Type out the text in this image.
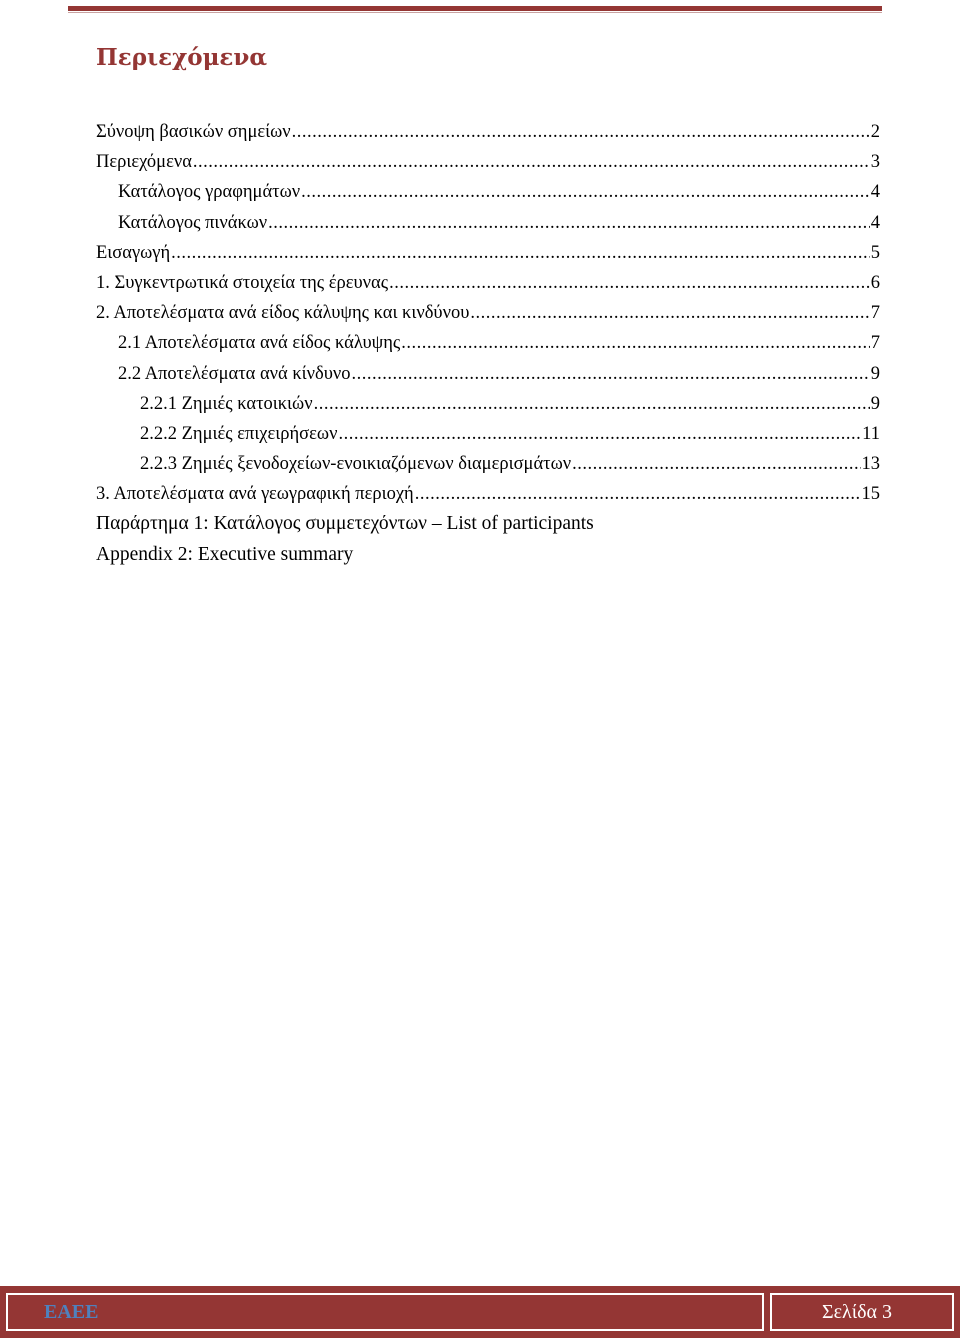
Περιεχόμενα
Σύνοψη βασικών σημείων .....	2
Περιεχόμενα .....	3
Κατάλογος γραφημάτων .....	4
Κατάλογος πινάκων .....	4
Εισαγωγή .....	5
1. Συγκεντρωτικά στοιχεία της έρευνας .....	6
2. Αποτελέσματα ανά είδος κάλυψης και κινδύνου .....	7
2.1 Αποτελέσματα ανά είδος κάλυψης .....	7
2.2 Αποτελέσματα ανά κίνδυνο .....	9
2.2.1 Ζημιές κατοικιών .....	9
2.2.2 Ζημιές επιχειρήσεων .....	11
2.2.3 Ζημιές ξενοδοχείων-ενοικιαζόμενων διαμερισμάτων .....	13
3. Αποτελέσματα ανά γεωγραφική περιοχή .....	15
Παράρτημα 1: Κατάλογος συμμετεχόντων – List of participants
Appendix 2: Executive summary
ΕΑΕΕ	Σελίδα 3
